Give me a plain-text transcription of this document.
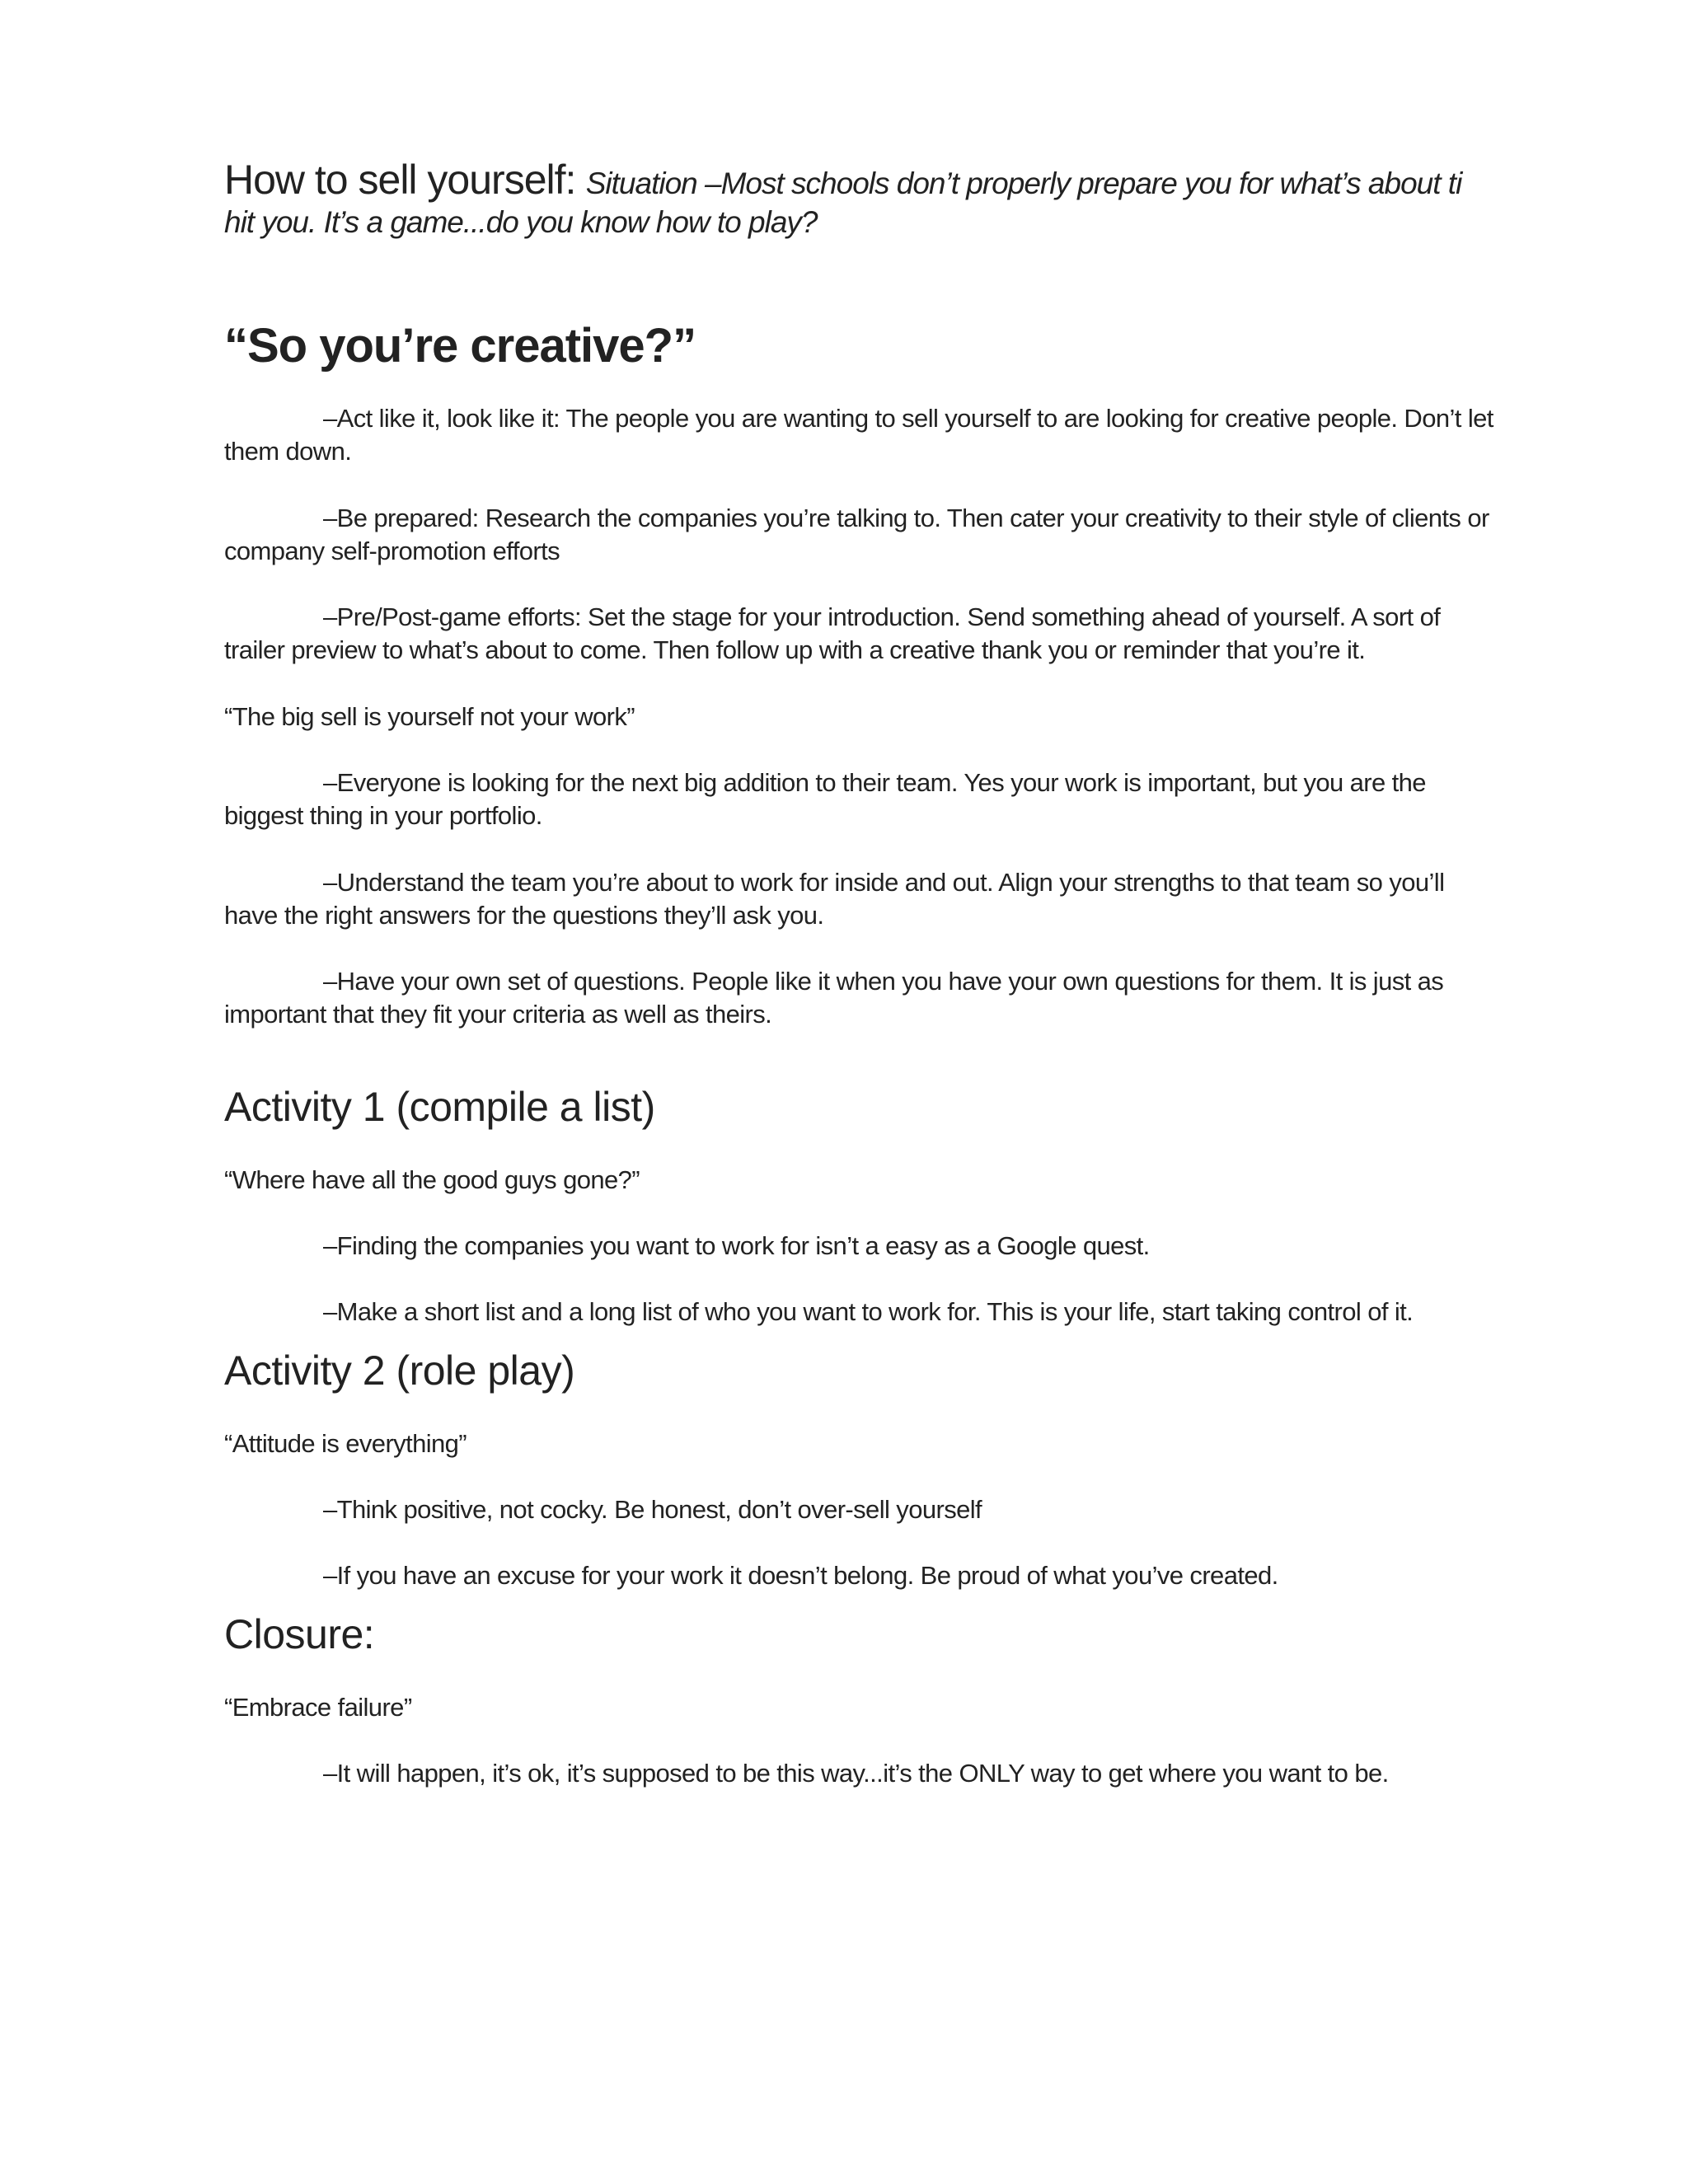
How to sell yourself: Situation –Most schools don’t properly prepare you for what’s about ti hit you. It’s a game...do you know how to play?

“So you’re creative?”

–Act like it, look like it: The people you are wanting to sell yourself to are looking for creative people. Don’t let them down.

–Be prepared: Research the companies you’re talking to. Then cater your creativity to their style of clients or company self-promotion efforts

–Pre/Post-game efforts: Set the stage for your introduction. Send something ahead of yourself. A sort of trailer preview to what’s about to come. Then follow up with a creative thank you or reminder that you’re it.

“The big sell is yourself not your work”

–Everyone is looking for the next big addition to their team. Yes your work is important, but you are the biggest thing in your portfolio.

–Understand the team you’re about to work for inside and out. Align your strengths to that team so you’ll have the right answers for the questions they’ll ask you.

–Have your own set of questions. People like it when you have your own questions for them. It is just as important that they fit your criteria as well as theirs.

Activity 1 (compile a list)

“Where have all the good guys gone?”

–Finding the companies you want to work for isn’t a easy as a Google quest.

–Make a short list and a long list of who you want to work for. This is your life, start taking control of it.

Activity 2 (role play)

“Attitude is everything”

–Think positive, not cocky. Be honest, don’t over-sell yourself

–If you have an excuse for your work it doesn’t belong. Be proud of what you’ve created.

Closure:

“Embrace failure”

–It will happen, it’s ok, it’s supposed to be this way...it’s the ONLY way to get where you want to be.
